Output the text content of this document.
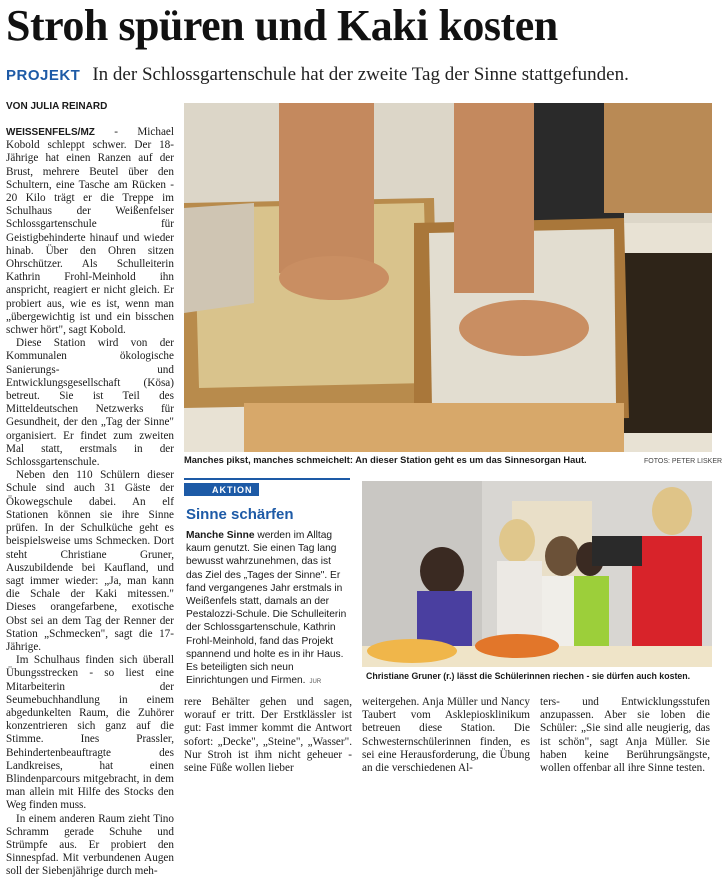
Stroh spüren und Kaki kosten
PROJEKT In der Schlossgartenschule hat der zweite Tag der Sinne stattgefunden.
VON JULIA REINARD

WEISSENFELS/MZ - Michael Kobold schleppt schwer. Der 18-Jährige hat einen Ranzen auf der Brust, mehrere Beutel über den Schultern, eine Tasche am Rücken - 20 Kilo trägt er die Treppe im Schulhaus der Weißenfelser Schlossgartenschule für Geistigbehinderte hinauf und wieder hinab. Über den Ohren sitzen Ohrschützer. Als Schulleiterin Kathrin Frohl-Meinhold ihn anspricht, reagiert er nicht gleich. Er probiert aus, wie es ist, wenn man „übergewichtig ist und ein bisschen schwer hört", sagt Kobold.

Diese Station wird von der Kommunalen ökologische Sanierungs- und Entwicklungsgesellschaft (Kösa) betreut. Sie ist Teil des Mitteldeutschen Netzwerks für Gesundheit, der den „Tag der Sinne" organisiert. Er findet zum zweiten Mal statt, erstmals in der Schlossgartenschule.

Neben den 110 Schülern dieser Schule sind auch 31 Gäste der Ökowegschule dabei. An elf Stationen können sie ihre Sinne prüfen. In der Schulküche geht es beispielsweise ums Schmecken. Dort steht Christiane Gruner, Auszubildende bei Kaufland, und sagt immer wieder: „Ja, man kann die Schale der Kaki mitessen." Dieses orangefarbene, exotische Obst sei an dem Tag der Renner der Station „Schmecken", sagt die 17-Jährige.

Im Schulhaus finden sich überall Übungsstrecken - so liest eine Mitarbeiterin der Seumebuchhandlung in einem abgedunkelten Raum, die Zuhörer konzentrieren sich ganz auf die Stimme. Ines Prassler, Behindertenbeauftragte des Landkreises, hat einen Blindenparcours mitgebracht, in dem man allein mit Hilfe des Stocks den Weg finden muss.

In einem anderen Raum zieht Tino Schramm gerade Schuhe und Strümpfe aus. Er probiert den Sinnespfad. Mit verbundenen Augen soll der Siebenjährige durch meh-

Manches pikst, manches schmeichelt: An dieser Station geht es um das Sinnesorgan Haut.	FOTOS: PETER LISKER
AKTION
Sinne schärfen

Manche Sinne werden im Alltag kaum genutzt. Sie einen Tag lang bewusst wahrzunehmen, das ist das Ziel des „Tages der Sinne". Er fand vergangenes Jahr erstmals in Weißenfels statt, damals an der Pestalozzi-Schule. Die Schulleiterin der Schlossgartenschule, Kathrin Frohl-Meinhold, fand das Projekt spannend und holte es in ihr Haus. Es beteiligten sich neun Einrichtungen und Firmen. JUR

Christiane Gruner (r.) lässt die Schülerinnen riechen - sie dürfen auch kosten.
rere Behälter gehen und sagen, worauf er tritt. Der Erstklässler ist gut: Fast immer kommt die Antwort sofort: „Decke", „Steine", „Wasser". Nur Stroh ist ihm nicht geheuer - seine Füße wollen lieber
weitergehen. Anja Müller und Nancy Taubert vom Asklepiosklinikum betreuen diese Station. Die Schwesternschülerinnen finden, es sei eine Herausforderung, die Übung an die verschiedenen Al-
ters- und Entwicklungsstufen anzupassen. Aber sie loben die Schüler: „Sie sind alle neugierig, das ist schön", sagt Anja Müller. Sie haben keine Berührungsängste, wollen offenbar all ihre Sinne testen.
